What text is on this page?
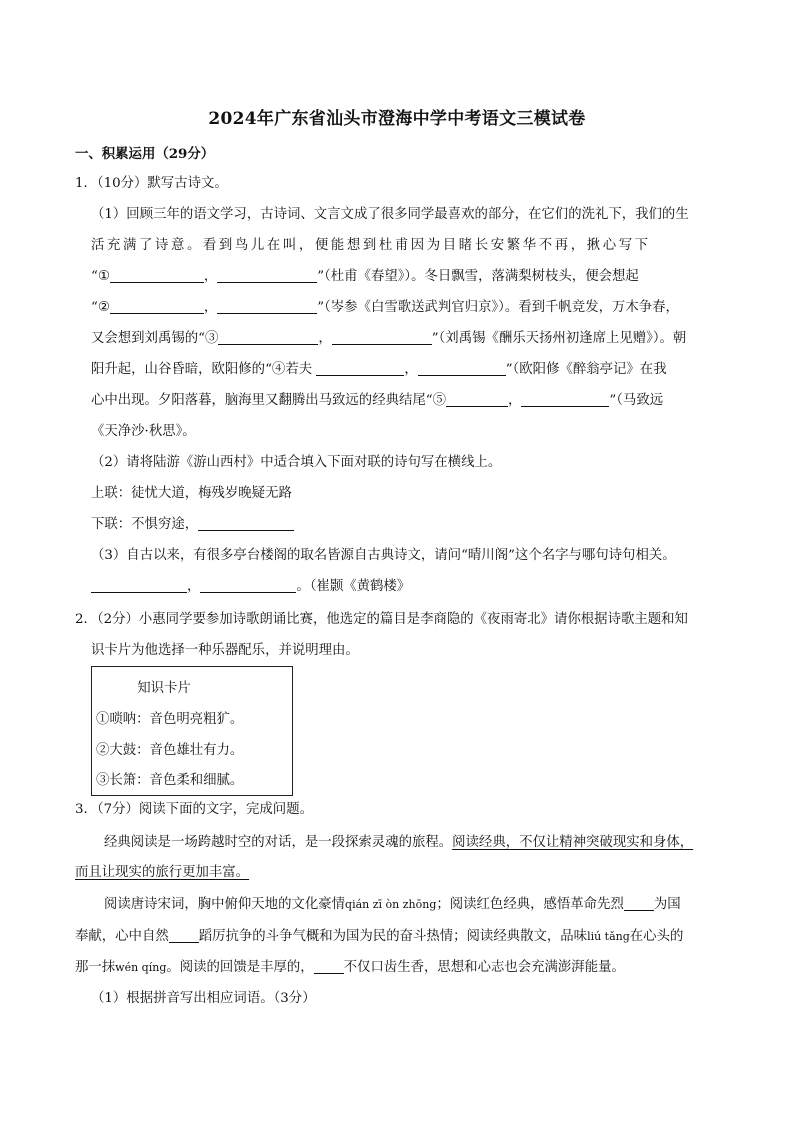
2024年广东省汕头市澄海中学中考语文三模试卷
一、积累运用（29分）
1．（10分）默写古诗文。
（1）回顾三年的语文学习，古诗词、文言文成了很多同学最喜欢的部分，在它们的洗礼下，我们的生
活充满了诗意。看到鸟儿在叫，便能想到杜甫因为目睹长安繁华不再，揪心写下
“①	，	”（杜甫《春望》）。冬日飘雪，落满梨树枝头，便会想起
“②	，	”（岑参《白雪歌送武判官归京》）。看到千帆竞发，万木争春，
又会想到刘禹锡的“③	，	”（刘禹锡《酬乐天扬州初逢席上见赠》）。朝
阳升起，山谷昏暗，欧阳修的“④若夫	，	”（欧阳修《醉翁亭记》在我
心中出现。夕阳落暮，脑海里又翻腾出马致远的经典结尾“⑤	，	”（马致远
《天净沙·秋思》。
（2）请将陆游《游山西村》中适合填入下面对联的诗句写在横线上。
上联：徒忧大道，梅残岁晚疑无路
下联：不惧穷途，
（3）自古以来，有很多亭台楼阁的取名皆源自古典诗文，请问“晴川阁”这个名字与哪句诗句相关。
，	。（崔颢《黄鹤楼》
2．（2分）小惠同学要参加诗歌朗诵比赛，他选定的篇目是李商隐的《夜雨寄北》请你根据诗歌主题和知
识卡片为他选择一种乐器配乐，并说明理由。
知识卡片
①唢呐：音色明亮粗犷。
②大鼓：音色雄壮有力。
③长箫：音色柔和细腻。
3．（7分）阅读下面的文字，完成问题。
经典阅读是一场跨越时空的对话，是一段探索灵魂的旅程。阅读经典，不仅让精神突破现实和身体，
而且让现实的旅行更加丰富。
阅读唐诗宋词，胸中俯仰天地的文化豪情qián zī òn zhōng；阅读红色经典，感悟革命先烈 为国
奉献，心中自然 蹈厉抗争的斗争气概和为国为民的奋斗热情；阅读经典散文，品味liú tǎng在心头的
那一抹wén qíng。阅读的回馈是丰厚的， 不仅口齿生香，思想和心志也会充满澎湃能量。
（1）根据拼音写出相应词语。（3分）
